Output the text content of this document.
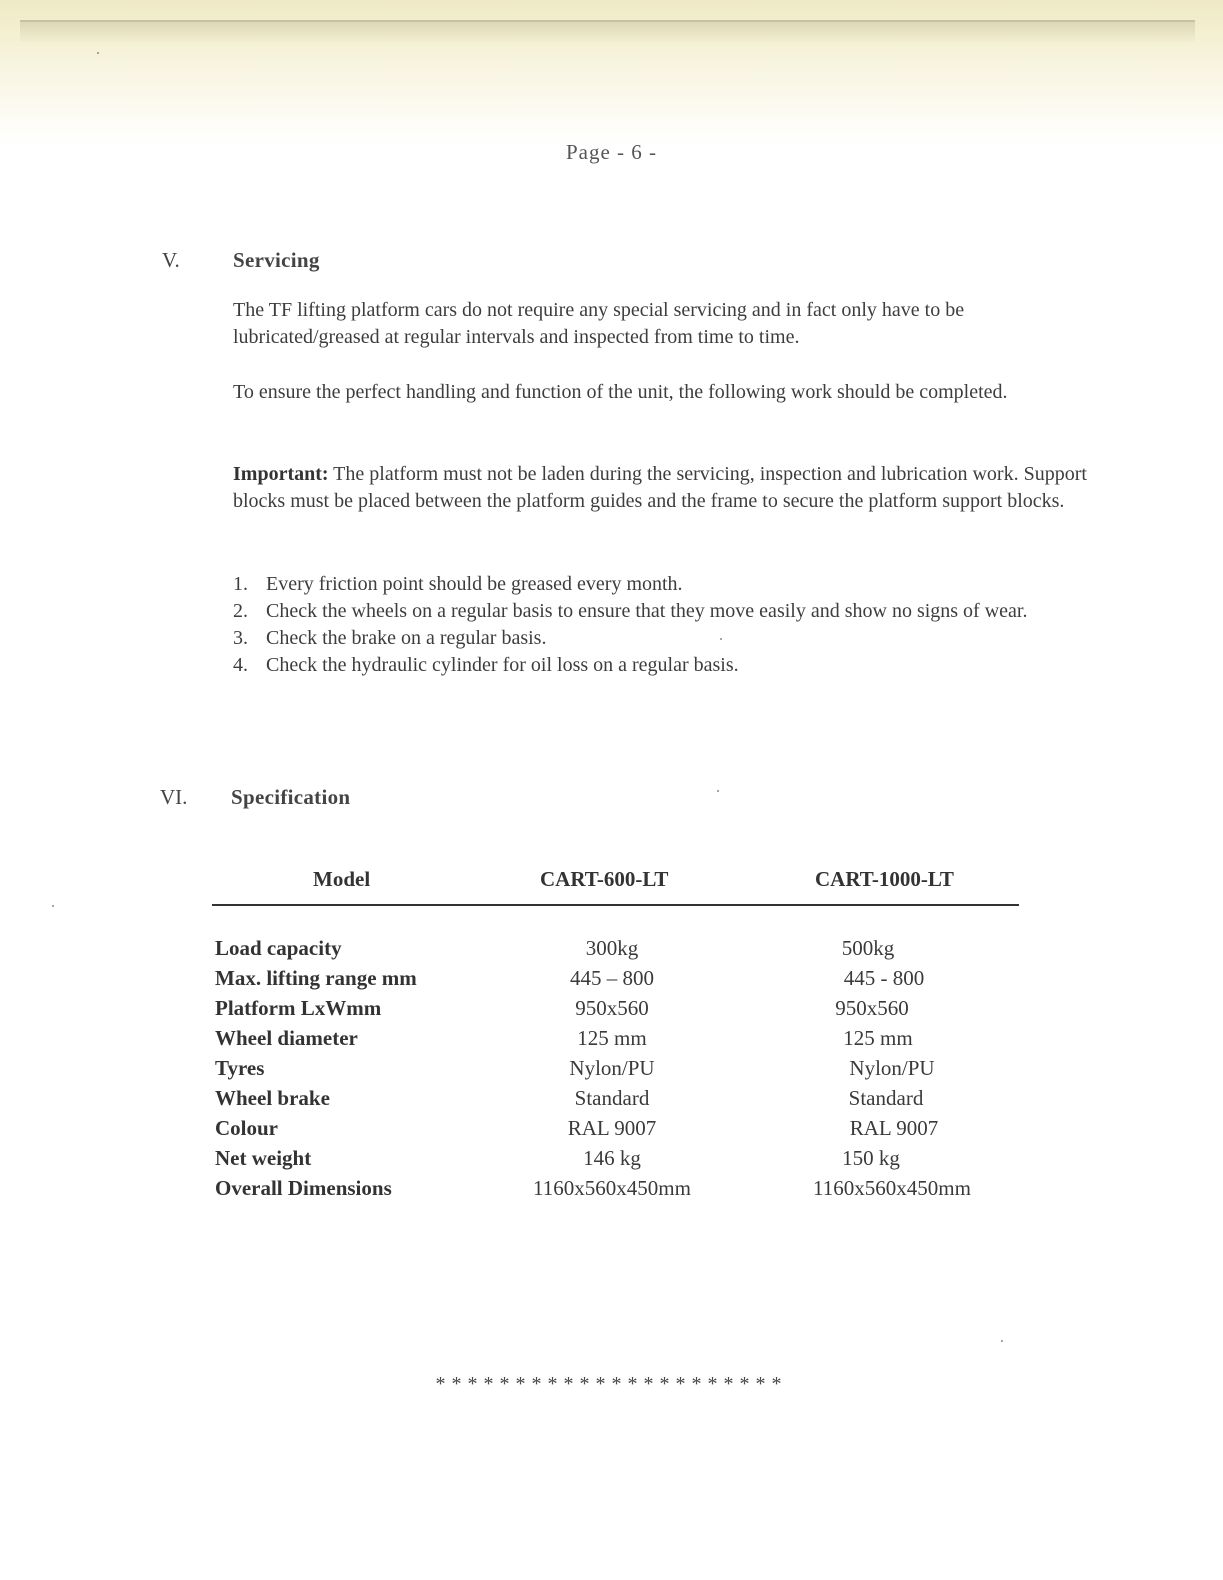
Page - 6 -
V.	Servicing
The TF lifting platform cars do not require any special servicing and in fact only have to be lubricated/greased at regular intervals and inspected from time to time.
To ensure the perfect handling and function of the unit, the following work should be completed.
Important: The platform must not be laden during the servicing, inspection and lubrication work. Support blocks must be placed between the platform guides and the frame to secure the platform support blocks.
1. Every friction point should be greased every month.
2. Check the wheels on a regular basis to ensure that they move easily and show no signs of wear.
3. Check the brake on a regular basis.
4. Check the hydraulic cylinder for oil loss on a regular basis.
VI. Specification
Model	CART-600-LT	CART-1000-LT
Load capacity	300kg	500kg
Max. lifting range mm	445 – 800	445 - 800
Platform LxWmm	950x560	950x560
Wheel diameter	125 mm	125 mm
Tyres	Nylon/PU	Nylon/PU
Wheel brake	Standard	Standard
Colour	RAL 9007	RAL 9007
Net weight	146 kg	150 kg
Overall Dimensions	1160x560x450mm	1160x560x450mm
**********************
